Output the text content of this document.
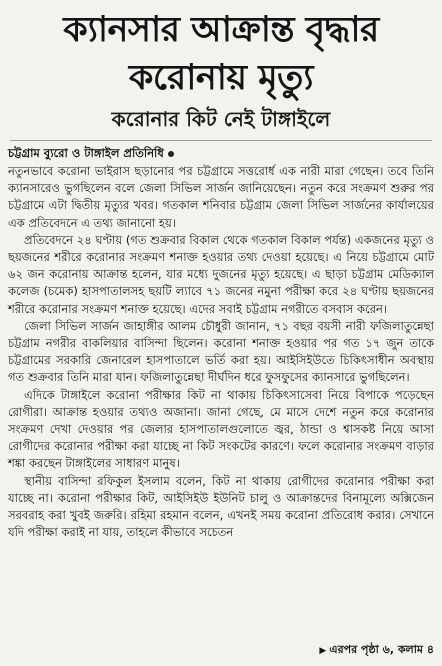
ক্যানসার আক্রান্ত বৃদ্ধার
করোনায় মৃত্যু
করোনার কিট নেই টাঙ্গাইলে
চট্টগ্রাম ব্যুরো ও টাঙ্গাইল প্রতিনিধি

নতুনভাবে করোনা ভাইরাস ছড়ানোর পর চট্টগ্রামে সত্তরোর্ধ এক নারী মারা গেছেন। তবে তিনি ক্যানসারেও ভুগছিলেন বলে জেলা সিভিল সার্জন জানিয়েছেন। নতুন করে সংক্রমণ শুরুর পর চট্টগ্রামে এটা দ্বিতীয় মৃত্যুর খবর। গতকাল শনিবার চট্টগ্রাম জেলা সিভিল সার্জনের কার্যালয়ের এক প্রতিবেদনে এ তথ্য জানানো হয়।

প্রতিবেদনে ২৪ ঘণ্টায় (গত শুক্রবার বিকাল থেকে গতকাল বিকাল পর্যন্ত) একজনের মৃত্যু ও ছয়জনের শরীরে করোনার সংক্রমণ শনাক্ত হওয়ার তথ্য দেওয়া হয়েছে। এ নিয়ে চট্টগ্রামে মোট ৬২ জন করোনায় আক্রান্ত হলেন, যার মধ্যে দুজনের মৃত্যু হয়েছে। এ ছাড়া চট্টগ্রাম মেডিক্যাল কলেজ (চমেক) হাসপাতালসহ ছয়টি ল্যাবে ৭১ জনের নমুনা পরীক্ষা করে ২৪ ঘণ্টায় ছয়জনের শরীরে করোনার সংক্রমণ শনাক্ত হয়েছে। এদের সবাই চট্টগ্রাম নগরীতে বসবাস করেন।

জেলা সিভিল সার্জন জাহাঙ্গীর আলম চৌধুরী জানান, ৭১ বছর বয়সী নারী ফজিলাতুন্নেছা চট্টগ্রাম নগরীর বাকলিয়ার বাসিন্দা ছিলেন। করোনা শনাক্ত হওয়ার পর গত ১৭ জুন তাকে চট্টগ্রামের সরকারি জেনারেল হাসপাতালে ভর্তি করা হয়। আইসিইউতে চিকিৎসাধীন অবস্থায় গত শুক্রবার তিনি মারা যান। ফজিলাতুন্নেছা দীর্ঘদিন ধরে ফুসফুসের ক্যানসারে ভুগছিলেন।

এদিকে টাঙ্গাইলে করোনা পরীক্ষার কিট না থাকায় চিকিৎসাসেবা নিয়ে বিপাকে পড়েছেন রোগীরা। আক্রান্ত হওয়ার তথ্যও অজানা। জানা গেছে, মে মাসে দেশে নতুন করে করোনার সংক্রমণ দেখা দেওয়ার পর জেলার হাসপাতালগুলোতে জ্বর, ঠান্ডা ও শ্বাসকষ্ট নিয়ে আসা রোগীদের করোনার পরীক্ষা করা যাচ্ছে না কিট সংকটের কারণে। ফলে করোনার সংক্রমণ বাড়ার শঙ্কা করছেন টাঙ্গাইলের সাধারণ মানুষ।

স্থানীয় বাসিন্দা রফিকুল ইসলাম বলেন, কিট না থাকায় রোগীদের করোনার পরীক্ষা করা যাচ্ছে না। করোনা পরীক্ষার কিট, আইসিইউ ইউনিট চালু ও আক্রান্তদের বিনামূল্যে অক্সিজেন সরবরাহ করা খুবই জরুরি। রহিমা রহমান বলেন, এখনই সময় করোনা প্রতিরোধ করার। সেখানে যদি পরীক্ষা করাই না যায়, তাহলে কীভাবে সচেতন

▶ এরপর পৃষ্ঠা ৬, কলাম ৪
